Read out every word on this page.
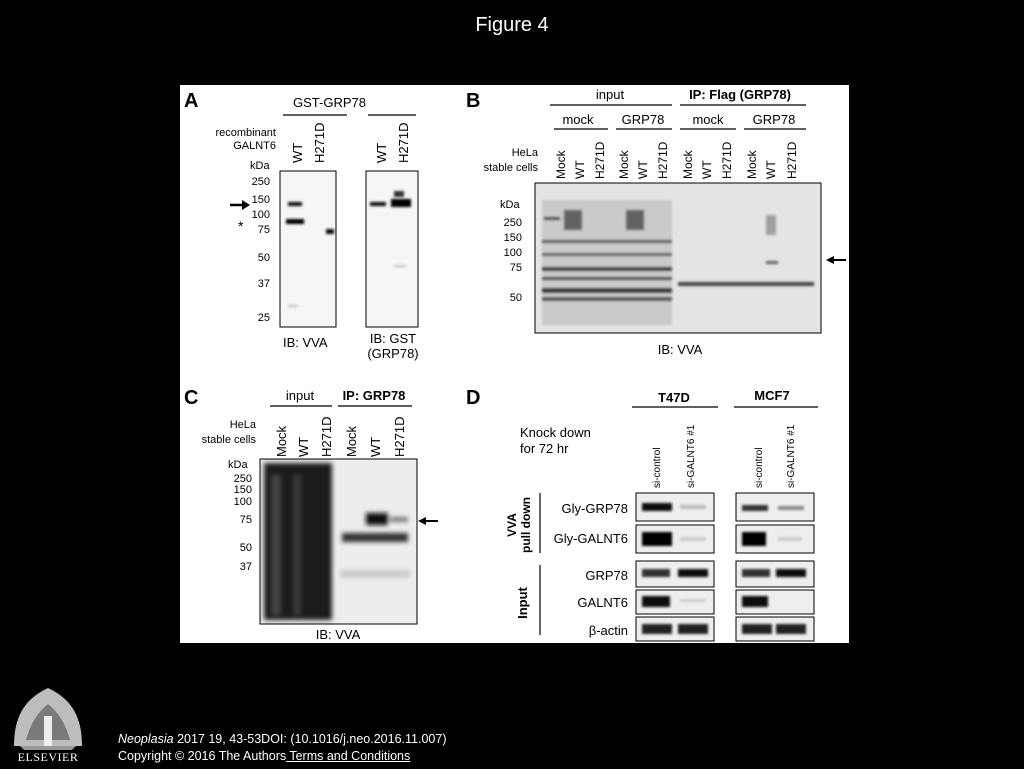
Figure 4
A	GST-GRP78
recombinant
GALNT6 WT H271D	WT H271D
kDa
250
150
100
75
50
37
25
*
IB: VVA	IB: GST
(GRP78)
B	input	IP: Flag (GRP78)
mock GRP78 mock GRP78
HeLa
stable cells Mock WT H271D Mock WT H271D Mock WT H271D Mock WT H271D
kDa
250
150
100
75
50
IB: VVA
C	input IP: GRP78
HeLa
stable cells Mock WT H271D Mock WT H271D
kDa
250
150
100
75
50
37
IB: VVA
D	T47D	MCF7
Knock down
for 72 hr	si-control si-GALNT6 #1	si-control si-GALNT6 #1
VVA pull down
Input
Gly-GRP78
Gly-GALNT6
GRP78
GALNT6
β-actin
ELSEVIER
Neoplasia 2017 19, 43-53DOI: (10.1016/j.neo.2016.11.007)
Copyright © 2016 The Authors Terms and Conditions
